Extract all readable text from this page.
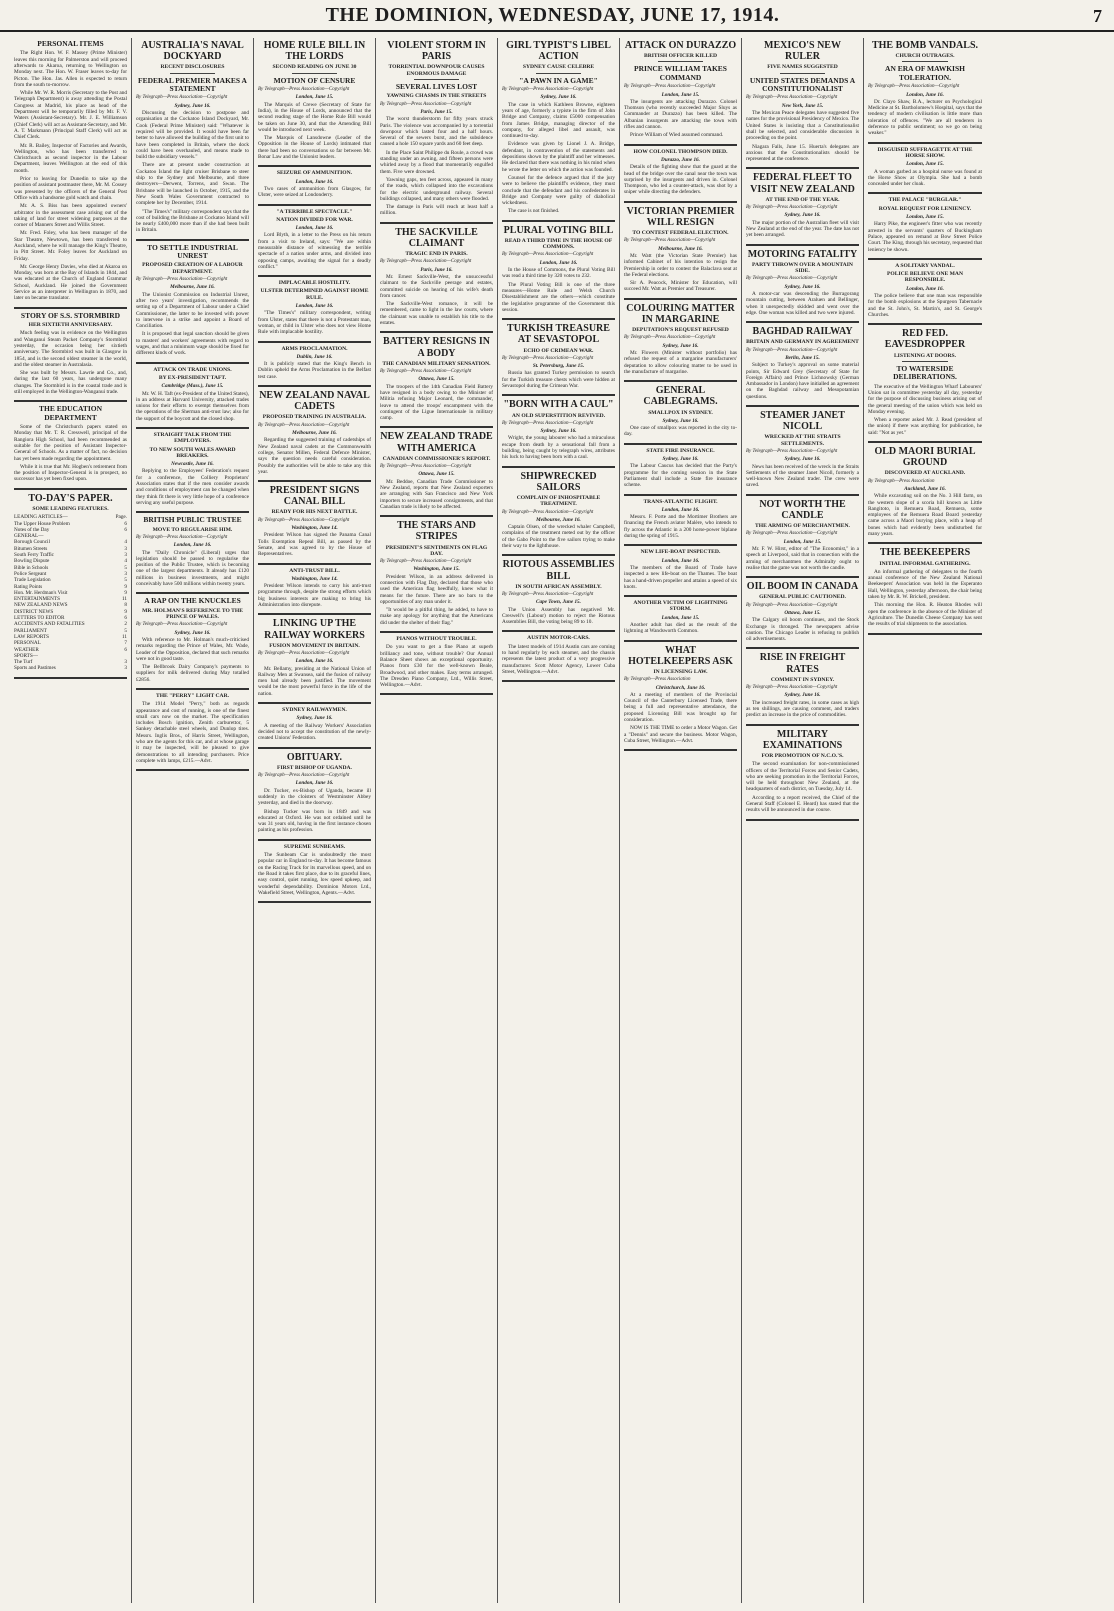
THE DOMINION, WEDNESDAY, JUNE 17, 1914.	7
PERSONAL ITEMS

The Right Hon. W. F. Massey (Prime Minister) leaves this morning for Palmerston and will proceed afterwards to Akaroa, returning to Wellington on Monday next. The Hon. W. Fraser leaves to-day for Picton. The Hon. Jas. Allen is expected to return from the south to-morrow.

While Mr. W. R. Morris (Secretary to the Post and Telegraph Department) is away attending the Postal Congress at Madrid, his place as head of the Department will be temporarily filled by Mr. F. V. Waters (Assistant-Secretary). Mr. J. E. Williamson (Chief Clerk) will act as Assistant-Secretary, and Mr. A. T. Markmann (Principal Staff Clerk) will act as Chief Clerk.

Mr. R. Bailey, Inspector of Factories and Awards, Wellington, who has been transferred to Christchurch as second inspector in the Labour Department, leaves Wellington at the end of this month.

Prior to leaving for Dunedin to take up the position of assistant postmaster there, Mr. M. Cossey was presented by the officers of the General Post Office with a handsome gold watch and chain.

Mr. A. S. Biss has been appointed owners' arbitrator in the assessment case arising out of the taking of land for street widening purposes at the corner of Manners Street and Willis Street.

Mr. Fred. Foley, who has been manager of the Star Theatre, Newtown, has been transferred to Auckland, where he will manage the King's Theatre, in Pitt Street. Mr. Foley leaves for Auckland on Friday.

Mr. George Henry Davies, who died at Akaroa on Monday, was born at the Bay of Islands in 1844, and was educated at the Church of England Grammar School, Auckland. He joined the Government Service as an interpreter in Wellington in 1870, and later on became translator.

STORY OF S.S. STORMBIRD
HER SIXTIETH ANNIVERSARY.

Much feeling was in evidence on the Wellington and Wanganui Steam Packet Company's Stormbird yesterday, the occasion being her sixtieth anniversary. The Stormbird was built in Glasgow in 1854, and is the second oldest steamer in the world, and the oldest steamer in Australasia.

She was built by Messrs. Lawrie and Co., and, during the last 60 years, has undergone many changes. The Stormbird is in the coastal trade and is still employed in the Wellington-Wanganui trade.

THE EDUCATION DEPARTMENT

Some of the Christchurch papers stated on Monday that Mr. T. R. Cresswell, principal of the Rangiora High School, had been recommended as suitable for the position of Assistant Inspector-General of Schools. As a matter of fact, no decision has yet been made regarding the appointment.

While it is true that Mr. Hogben's retirement from the position of Inspector-General is in prospect, no successor has yet been fixed upon.

TO-DAY'S PAPER.
SOME LEADING FEATURES.
LEADING ARTICLES—	Page.
The Upper House Problem	6
Notes of the Day	6
GENERAL—
Borough Council	4
Bitumen Streets	3
South Ferry Traffic	3
Bowling Dispute	4
Bible in Schools	5
Police Sergeant	3
Trade Legislation	5
Rating Points	9
Hon. Mr. Herdman's Visit	9
ENTERTAINMENTS	11
NEW ZEALAND NEWS	8
DISTRICT NEWS	9
LETTERS TO EDITOR	6
ACCIDENTS AND FATALITIES	2
PARLIAMENT	5
LAW REPORTS	11
PERSONAL	7
WEATHER	6
SPORTS—
The Turf	3
Sports and Pastimes	3
AUSTRALIA'S NAVAL DOCKYARD
RECENT DISCLOSURES
FEDERAL PREMIER MAKES A STATEMENT
By Telegraph—Press Association—Copyright
Sydney, June 16.

Discussing the decision to postpone and organisation at the Cockatoo Island Dockyard, Mr. Cook (Federal Prime Minister) said: "Whatever is required will be provided. It would have been far better to have allowed the building of the first unit to have been completed in Britain, where the dock could have been overhauled, and means made to build the subsidiary vessels."

There are at present under construction at Cockatoo Island the light cruiser Brisbane to steer ship to the Sydney and Melbourne, and three destroyers—Derwent, Torrens, and Swan. The Brisbane will be launched in October, 1915, and the New South Wales Government contracted to complete her by December, 1914.

"The Times's" military correspondent says that the cost of building the Brisbane at Cockatoo Island will be nearly £400,000 more than if she had been built in Britain.

TO SETTLE INDUSTRIAL UNREST
PROPOSED CREATION OF A LABOUR DEPARTMENT.
By Telegraph—Press Association—Copyright
Melbourne, June 16.

The Unionist Commission on Industrial Unrest, after two years' investigation, recommends the setting up of a Department of Labour under a Chief Commissioner, the latter to be invested with power to intervene in a strike and appoint a Board of Conciliation.

It is proposed that legal sanction should be given to masters' and workers' agreements with regard to wages, and that a minimum wage should be fixed for different kinds of work.

ATTACK ON TRADE UNIONS.
BY EX-PRESIDENT TAFT.
Cambridge (Mass.), June 15.

Mr. W. H. Taft (ex-President of the United States), in an address at Harvard University, attacked trades unions for their efforts to exempt themselves from the operations of the Sherman anti-trust law; also for the support of the boycott and the closed shop.

STRAIGHT TALK FROM THE EMPLOYERS.
TO NEW SOUTH WALES AWARD BREAKERS.
Newcastle, June 16.

Replying to the Employees' Federation's request for a conference, the Colliery Proprietors' Association states that if the men consider awards and conditions of employment can be changed when they think fit there is very little hope of a conference serving any useful purpose.

BRITISH PUBLIC TRUSTEE
MOVE TO REGULARISE HIM.
By Telegraph—Press Association—Copyright
London, June 16.

The "Daily Chronicle" (Liberal) urges that legislation should be passed to regularise the position of the Public Trustee, which is becoming one of the largest departments. It already has £120 millions in business investments, and might conceivably have 500 millions within twenty years.

A RAP ON THE KNUCKLES
MR. HOLMAN'S REFERENCE TO THE PRINCE OF WALES.
By Telegraph—Press Association—Copyright
Sydney, June 16.

With reference to Mr. Holman's much-criticised remarks regarding the Prince of Wales, Mr. Wade, Leader of the Opposition, declared that such remarks were not in good taste.

The Bellbrook Dairy Company's payments to suppliers for milk delivered during May totalled £2856.

THE "PERRY" LIGHT CAR.

The 1914 Model "Perry," both as regards appearance and cost of running, is one of the finest small cars now on the market. The specification includes Bosch ignition, Zenith carburettor, 5 Sankey detachable steel wheels, and Dunlop tires. Messrs. Inglis Bros., of Harris Street, Wellington, who are the agents for this car, and at whose garage it may be inspected, will be pleased to give demonstrations to all intending purchasers. Price complete with lamps, £215.—Advt.

HOME RULE BILL IN THE LORDS
SECOND READING ON JUNE 30
MOTION OF CENSURE
By Telegraph—Press Association—Copyright
London, June 15.

The Marquis of Crewe (Secretary of State for India), in the House of Lords, announced that the second reading stage of the Home Rule Bill would be taken on June 30, and that the Amending Bill would be introduced next week.

The Marquis of Lansdowne (Leader of the Opposition in the House of Lords) intimated that there had been no conversations so far between Mr. Bonar Law and the Unionist leaders.

SEIZURE OF AMMUNITION.
London, June 16.

Two cases of ammunition from Glasgow, for Ulster, were seized at Londonderry.

"A TERRIBLE SPECTACLE."
NATION DIVIDED FOR WAR.
London, June 16.

Lord Blyth, in a letter to the Press on his return from a visit to Ireland, says: "We are within measurable distance of witnessing the terrible spectacle of a nation under arms, and divided into opposing camps, awaiting the signal for a deadly conflict."

IMPLACABLE HOSTILITY.
ULSTER DETERMINED AGAINST HOME RULE.
London, June 16.

"The Times's" military correspondent, writing from Ulster, states that there is not a Protestant man, woman, or child in Ulster who does not view Home Rule with implacable hostility.

ARMS PROCLAMATION.
Dublin, June 16.

It is publicly stated that the King's Bench in Dublin upheld the Arms Proclamation in the Belfast test case.

NEW ZEALAND NAVAL CADETS
PROPOSED TRAINING IN AUSTRALIA.
By Telegraph—Press Association—Copyright
Melbourne, June 16.

Regarding the suggested training of cadetships of New Zealand naval cadets at the Commonwealth college, Senator Millen, Federal Defence Minister, says the question needs careful consideration. Possibly the authorities will be able to take any this year.

PRESIDENT SIGNS CANAL BILL
READY FOR HIS NEXT BATTLE.
By Telegraph—Press Association—Copyright
Washington, June 14.

President Wilson has signed the Panama Canal Tolls Exemption Repeal Bill, as passed by the Senate, and was agreed to by the House of Representatives.

ANTI-TRUST BILL.
Washington, June 14.

President Wilson intends to carry his anti-trust programme through, despite the strong efforts which big business interests are making to bring his Administration into disrepute.

LINKING UP THE RAILWAY WORKERS
FUSION MOVEMENT IN BRITAIN.
By Telegraph—Press Association—Copyright
London, June 16.

Mr. Bellamy, presiding at the National Union of Railway Men at Swansea, said the fusion of railway men had already been justified. The movement would be the most powerful force in the life of the nation.

SYDNEY RAILWAYMEN.
Sydney, June 16.

A meeting of the Railway Workers' Association decided not to accept the constitution of the newly-created Unions' Federation.

OBITUARY.
FIRST BISHOP OF UGANDA.
By Telegraph—Press Association—Copyright
London, June 16.

Dr. Tucker, ex-Bishop of Uganda, became ill suddenly in the cloisters of Westminster Abbey yesterday, and died in the doorway.

Bishop Tucker was born in 1849 and was educated at Oxford. He was not ordained until he was 31 years old, having in the first instance chosen painting as his profession.

SUPREME SUNBEAMS.

The Sunbeam Car is undoubtedly the most popular car in England to-day. It has become famous on the Racing Track for its marvellous speed, and on the Road it takes first place, due to its graceful lines, easy control, quiet running, low speed upkeep, and wonderful dependability. Dominion Motors Ltd., Wakefield Street, Wellington, Agents.—Advt.

VIOLENT STORM IN PARIS
TORRENTIAL DOWNPOUR CAUSES ENORMOUS DAMAGE
SEVERAL LIVES LOST
YAWNING CHASMS IN THE STREETS
By Telegraph—Press Association—Copyright
Paris, June 15.

The worst thunderstorm for fifty years struck Paris. The violence was accompanied by a torrential downpour which lasted four and a half hours. Several of the sewers burst, and the subsidence caused a hole 150 square yards and 60 feet deep.

In the Place Saint Philippe du Roule, a crowd was standing under an awning, and fifteen persons were whirled away by a flood that momentarily engulfed them. Five were drowned.

Yawning gaps, ten feet across, appeared in many of the roads, which collapsed into the excavations for the electric underground railway. Several buildings collapsed, and many others were flooded.

The damage in Paris will reach at least half a million.

THE SACKVILLE CLAIMANT
TRAGIC END IN PARIS.
By Telegraph—Press Association—Copyright
Paris, June 16.

Mr. Ernest Sackville-West, the unsuccessful claimant to the Sackville peerage and estates, committed suicide on hearing of his wife's death from cancer.

The Sackville-West romance, it will be remembered, came to light in the law courts, where the claimant was unable to establish his title to the estates.

BATTERY RESIGNS IN A BODY
THE CANADIAN MILITARY SENSATION.
By Telegraph—Press Association—Copyright
Ottawa, June 15.

The troopers of the 14th Canadian Field Battery have resigned in a body owing to the Minister of Militia refusing Major Leonard, the commander, leave to attend the troops' encampment with the contingent of the Ligue Internationale in military camp.

NEW ZEALAND TRADE WITH AMERICA
CANADIAN COMMISSIONER'S REPORT.
By Telegraph—Press Association—Copyright
Ottawa, June 15.

Mr. Beddoe, Canadian Trade Commissioner to New Zealand, reports that New Zealand exporters are arranging with San Francisco and New York importers to secure increased consignments, and that Canadian trade is likely to be affected.

THE STARS AND STRIPES
PRESIDENT'S SENTIMENTS ON FLAG DAY.
By Telegraph—Press Association—Copyright
Washington, June 15.

President Wilson, in an address delivered in connection with Flag Day, declared that those who used the American flag heedfully, knew what it means for the future. There are no bars to the opportunities of any man under it.

"It would be a pitiful thing, he added, to have to make any apology for anything that the Americans did under the shelter of their flag."

PIANOS WITHOUT TROUBLE.

Do you want to get a fine Piano at superb brilliancy and tone, without trouble? Our Annual Balance Sheet shows an exceptional opportunity. Pianos from £30 for the well-known Beale, Broadwood, and other makes. Easy terms arranged. The Dresden Piano Company, Ltd., Willis Street, Wellington.—Advt.

GIRL TYPIST'S LIBEL ACTION
SYDNEY CAUSE CELEBRE
"A PAWN IN A GAME"
By Telegraph—Press Association—Copyright
Sydney, June 16.

The case in which Kathleen Browne, eighteen years of age, formerly a typiste in the firm of John Bridge and Company, claims £5000 compensation from James Bridge, managing director of the company, for alleged libel and assault, was continued to-day.

Evidence was given by Lionel J. A. Bridge, defendant, in contravention of the statements and depositions shown by the plaintiff and her witnesses. He declared that there was nothing in his mind when he wrote the letter on which the action was founded.

Counsel for the defence argued that if the jury were to believe the plaintiff's evidence, they must conclude that the defendant and his confederates in Bridge and Company were guilty of diabolical wickedness.

The case is not finished.

PLURAL VOTING BILL
READ A THIRD TIME IN THE HOUSE OF COMMONS.
By Telegraph—Press Association—Copyright
London, June 16.

In the House of Commons, the Plural Voting Bill was read a third time by 320 votes to 232.

The Plural Voting Bill is one of the three measures—Home Rule and Welsh Church Disestablishment are the others—which constitute the legislative programme of the Government this session.

TURKISH TREASURE AT SEVASTOPOL
ECHO OF CRIMEAN WAR.
By Telegraph—Press Association—Copyright
St. Petersburg, June 15.

Russia has granted Turkey permission to search for the Turkish treasure chests which were hidden at Sevastopol during the Crimean War.

"BORN WITH A CAUL"
AN OLD SUPERSTITION REVIVED.
By Telegraph—Press Association—Copyright
Sydney, June 16.

Wright, the young labourer who had a miraculous escape from death by a sensational fall from a building, being caught by telegraph wires, attributes his luck to having been born with a caul.

SHIPWRECKED SAILORS
COMPLAIN OF INHOSPITABLE TREATMENT.
By Telegraph—Press Association—Copyright
Melbourne, June 16.

Captain Olsen, of the wrecked whaler Campbell, complains of the treatment meted out by the officer of the Gabo Point to the five sailors trying to make their way to the lighthouse.

RIOTOUS ASSEMBLIES BILL
IN SOUTH AFRICAN ASSEMBLY.
By Telegraph—Press Association—Copyright
Cape Town, June 15.

The Union Assembly has negatived Mr. Creswell's (Labour) motion to reject the Riotous Assemblies Bill, the voting being 89 to 10.

AUSTIN MOTOR-CARS.

The latest models of 1914 Austin cars are coming to hand regularly by each steamer, and the chassis represents the latest product of a very progressive manufacturer. Scott Motor Agency, Lower Cuba Street, Wellington.—Advt.

ATTACK ON DURAZZO
BRITISH OFFICER KILLED
PRINCE WILLIAM TAKES COMMAND
By Telegraph—Press Association—Copyright
London, June 15.

The insurgents are attacking Durazzo. Colonel Thomson (who recently succeeded Major Sluys as Commander at Durazzo) has been killed. The Albanian insurgents are attacking the town with rifles and cannon.

Prince William of Wied assumed command.

HOW COLONEL THOMPSON DIED.
Durazzo, June 16.

Details of the fighting show that the guard at the head of the bridge over the canal near the town was surprised by the insurgents and driven in. Colonel Thompson, who led a counter-attack, was shot by a sniper while directing the defenders.

VICTORIAN PREMIER WILL RESIGN
TO CONTEST FEDERAL ELECTION.
By Telegraph—Press Association—Copyright
Melbourne, June 16.

Mr. Watt (the Victorian State Premier) has informed Cabinet of his intention to resign the Premiership in order to contest the Balaclava seat at the Federal elections.

Sir A. Peacock, Minister for Education, will succeed Mr. Watt as Premier and Treasurer.

COLOURING MATTER IN MARGARINE
DEPUTATION'S REQUEST REFUSED
By Telegraph—Press Association—Copyright
Sydney, June 16.

Mr. Flowers (Minister without portfolio) has refused the request of a margarine manufacturers' deputation to allow colouring matter to be used in the manufacture of margarine.

GENERAL CABLEGRAMS.
SMALLPOX IN SYDNEY.
Sydney, June 16.

One case of smallpox was reported in the city to-day.

STATE FIRE INSURANCE.
Sydney, June 16.

The Labour Caucus has decided that the Party's programme for the coming session in the State Parliament shall include a State fire insurance scheme.

TRANS-ATLANTIC FLIGHT.
London, June 16.

Messrs. F. Porte and the Mortimer Brothers are financing the French aviator Malère, who intends to fly across the Atlantic in a 200 horse-power biplane during the spring of 1915.

NEW LIFE-BOAT INSPECTED.
London, June 16.

The members of the Board of Trade have inspected a new life-boat on the Thames. The boat has a hand-driven propeller and attains a speed of six knots.

ANOTHER VICTIM OF LIGHTNING STORM.
London, June 15.

Another adult has died as the result of the lightning at Wandsworth Common.

WHAT HOTELKEEPERS ASK
IN LICENSING LAW.
By Telegraph—Press Association
Christchurch, June 16.

At a meeting of members of the Provincial Council of the Canterbury Licensed Trade, there being a full and representative attendance, the proposed Licensing Bill was brought up for consideration.

NOW IS THE TIME to order a Motor Wagon. Get a "Dennis" and secure the business. Motor Wagon, Cuba Street, Wellington.—Advt.

MEXICO'S NEW RULER
FIVE NAMES SUGGESTED
UNITED STATES DEMANDS A CONSTITUTIONALIST
By Telegraph—Press Association—Copyright
New York, June 15.

The Mexican Peace delegates have suggested five names for the provisional Presidency of Mexico. The United States is insisting that a Constitutionalist shall be selected, and considerable discussion is proceeding on the point.

Niagara Falls, June 15. Huerta's delegates are anxious that the Constitutionalists should be represented at the conference.

FEDERAL FLEET TO VISIT NEW ZEALAND
AT THE END OF THE YEAR.
By Telegraph—Press Association—Copyright
Sydney, June 16.

The major portion of the Australian fleet will visit New Zealand at the end of the year. The date has not yet been arranged.

MOTORING FATALITY
PARTY THROWN OVER A MOUNTAIN SIDE.
By Telegraph—Press Association—Copyright
Sydney, June 16.

A motor-car was descending the Burragorang mountain cutting, between Araluen and Bellinger, when it unexpectedly skidded and went over the edge. One woman was killed and two were injured.

BAGHDAD RAILWAY
BRITAIN AND GERMANY IN AGREEMENT
By Telegraph—Press Association—Copyright
Berlin, June 15.

Subject to Turkey's approval on some material points, Sir Edward Grey (Secretary of State for Foreign Affairs) and Prince Lichnowsky (German Ambassador in London) have initialled an agreement on the Baghdad railway and Mesopotamian questions.

STEAMER JANET NICOLL
WRECKED AT THE STRAITS SETTLEMENTS.
By Telegraph—Press Association—Copyright
Sydney, June 16.

News has been received of the wreck in the Straits Settlements of the steamer Janet Nicoll, formerly a well-known New Zealand trader. The crew were saved.

NOT WORTH THE CANDLE
THE ARMING OF MERCHANTMEN.
By Telegraph—Press Association—Copyright
London, June 15.

Mr. F. W. Hirst, editor of "The Economist," in a speech at Liverpool, said that in connection with the arming of merchantmen the Admiralty ought to realise that the game was not worth the candle.

OIL BOOM IN CANADA
GENERAL PUBLIC CAUTIONED.
By Telegraph—Press Association—Copyright
Ottawa, June 15.

The Calgary oil boom continues, and the Stock Exchange is thronged. The newspapers advise caution. The Chicago Leader is refusing to publish oil advertisements.

RISE IN FREIGHT RATES
COMMENT IN SYDNEY.
By Telegraph—Press Association—Copyright
Sydney, June 16.

The increased freight rates, in some cases as high as ten shillings, are causing comment, and traders predict an increase in the price of commodities.

MILITARY EXAMINATIONS
FOR PROMOTION OF N.C.O.'S.

The second examination for non-commissioned officers of the Territorial Forces and Senior Cadets, who are seeking promotion in the Territorial Forces, will be held throughout New Zealand, at the headquarters of each district, on Tuesday, July 14.

According to a report received, the Chief of the General Staff (Colonel E. Heard) has stated that the results will be announced in due course.

THE BOMB VANDALS.
CHURCH OUTRAGES.
AN ERA OF MAWKISH TOLERATION.
By Telegraph—Press Association—Copyright
London, June 16.

Dr. Clayo Shaw, B.A., lecturer on Psychological Medicine at St. Bartholomew's Hospital, says that the tendency of modern civilisation is little more than toleration of offences. "We are all tenderers in deference to public sentiment; so we go on being weaker."

DISGUISED SUFFRAGETTE AT THE HORSE SHOW.
London, June 15.

A woman garbed as a hospital nurse was found at the Horse Show at Olympia. She had a bomb concealed under her cloak.

THE PALACE "BURGLAR."
ROYAL REQUEST FOR LENIENCY.
London, June 15.

Harry Pike, the engineer's fitter who was recently arrested in the servants' quarters of Buckingham Palace, appeared on remand at Bow Street Police Court. The King, through his secretary, requested that leniency be shown.

A SOLITARY VANDAL.
POLICE BELIEVE ONE MAN RESPONSIBLE.
London, June 16.

The police believe that one man was responsible for the bomb explosions at the Spurgeon Tabernacle and the St. John's, St. Martin's, and St. George's Churches.

RED FED. EAVESDROPPER
LISTENING AT DOORS.
TO WATERSIDE DELIBERATIONS.

The executive of the Wellington Wharf Labourers' Union sat in committee yesterday all day, yesterday for the purpose of discussing business arising out of the general meeting of the union which was held on Monday evening.

When a reporter asked Mr. J. Read (president of the union) if there was anything for publication, he said: "Not as yet."

OLD MAORI BURIAL GROUND
DISCOVERED AT AUCKLAND.
By Telegraph—Press Association
Auckland, June 16.

While excavating soil on the No. 3 Hill farm, on the western slope of a scoria hill known as Little Rangitoto, in Remuera Road, Remuera, some employees of the Remuera Road Board yesterday came across a Maori burying place, with a heap of bones which had evidently been undisturbed for many years.

THE BEEKEEPERS
INITIAL INFORMAL GATHERING.

An informal gathering of delegates to the fourth annual conference of the New Zealand National Beekeepers' Association was held in the Esperanto Hall, Wellington, yesterday afternoon, the chair being taken by Mr. R. W. Brickell, president.

This morning the Hon. R. Heaton Rhodes will open the conference in the absence of the Minister of Agriculture. The Dunedin Cheese Company has sent the results of trial shipments to the association.
